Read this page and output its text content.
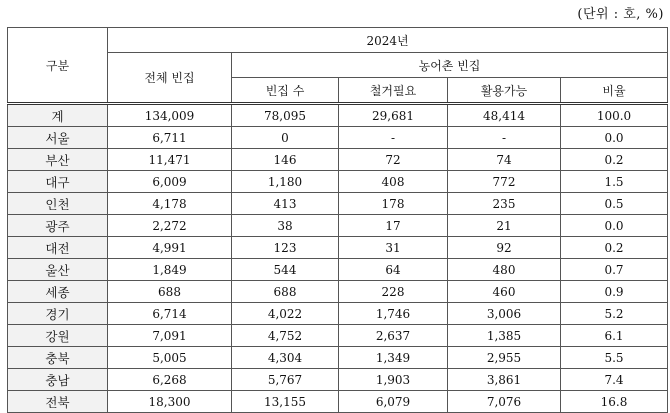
(단위 : 호, %)
구분	2024년				
	전체 빈집	농어촌 빈집			
		빈집 수	철거필요	활용가능	비율
계	134,009	78,095	29,681	48,414	100.0
서울	6,711	0	-	-	0.0
부산	11,471	146	72	74	0.2
대구	6,009	1,180	408	772	1.5
인천	4,178	413	178	235	0.5
광주	2,272	38	17	21	0.0
대전	4,991	123	31	92	0.2
울산	1,849	544	64	480	0.7
세종	688	688	228	460	0.9
경기	6,714	4,022	1,746	3,006	5.2
강원	7,091	4,752	2,637	1,385	6.1
충북	5,005	4,304	1,349	2,955	5.5
충남	6,268	5,767	1,903	3,861	7.4
전북	18,300	13,155	6,079	7,076	16.8
